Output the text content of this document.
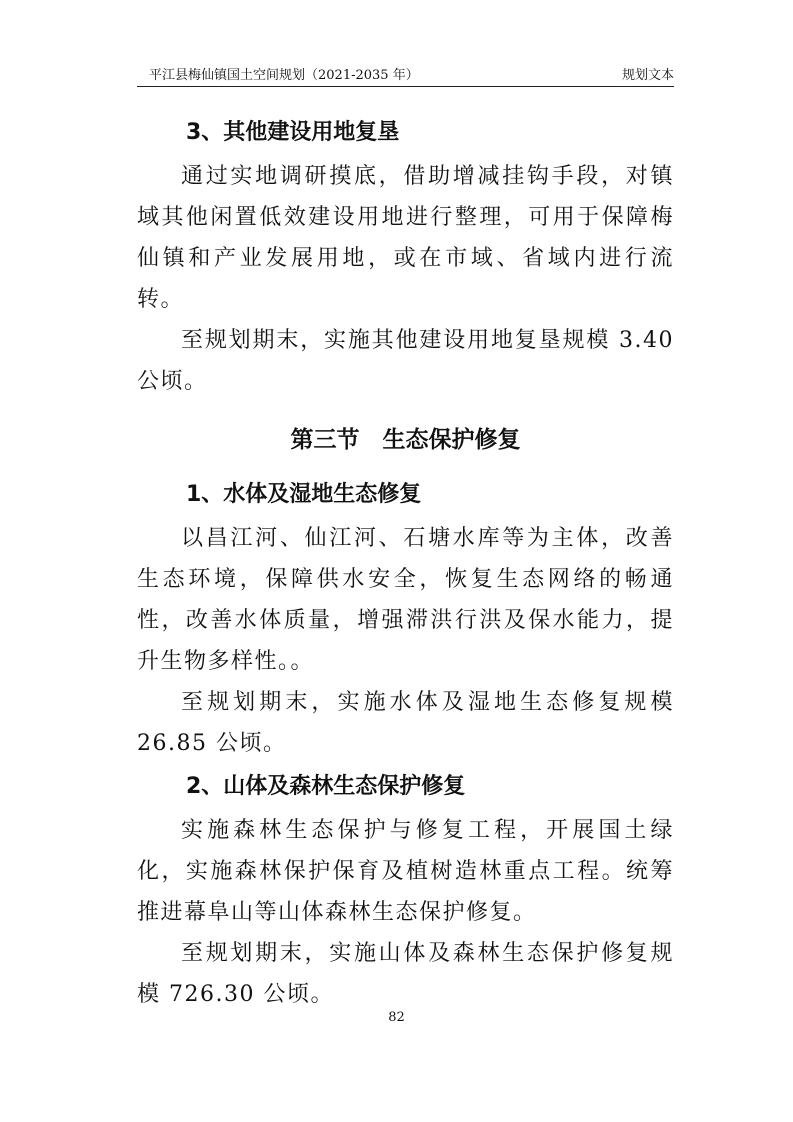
平江县梅仙镇国土空间规划（2021-2035 年）	规划文本
3、其他建设用地复垦

通过实地调研摸底，借助增减挂钩手段，对镇域其他闲置低效建设用地进行整理，可用于保障梅仙镇和产业发展用地，或在市域、省域内进行流转。

至规划期末，实施其他建设用地复垦规模 3.40 公顷。

第三节　生态保护修复
1、水体及湿地生态修复

以昌江河、仙江河、石塘水库等为主体，改善生态环境，保障供水安全，恢复生态网络的畅通性，改善水体质量，增强滞洪行洪及保水能力，提升生物多样性。。

至规划期末，实施水体及湿地生态修复规模 26.85 公顷。

2、山体及森林生态保护修复

实施森林生态保护与修复工程，开展国土绿化，实施森林保护保育及植树造林重点工程。统筹推进幕阜山等山体森林生态保护修复。

至规划期末，实施山体及森林生态保护修复规模 726.30 公顷。

82
